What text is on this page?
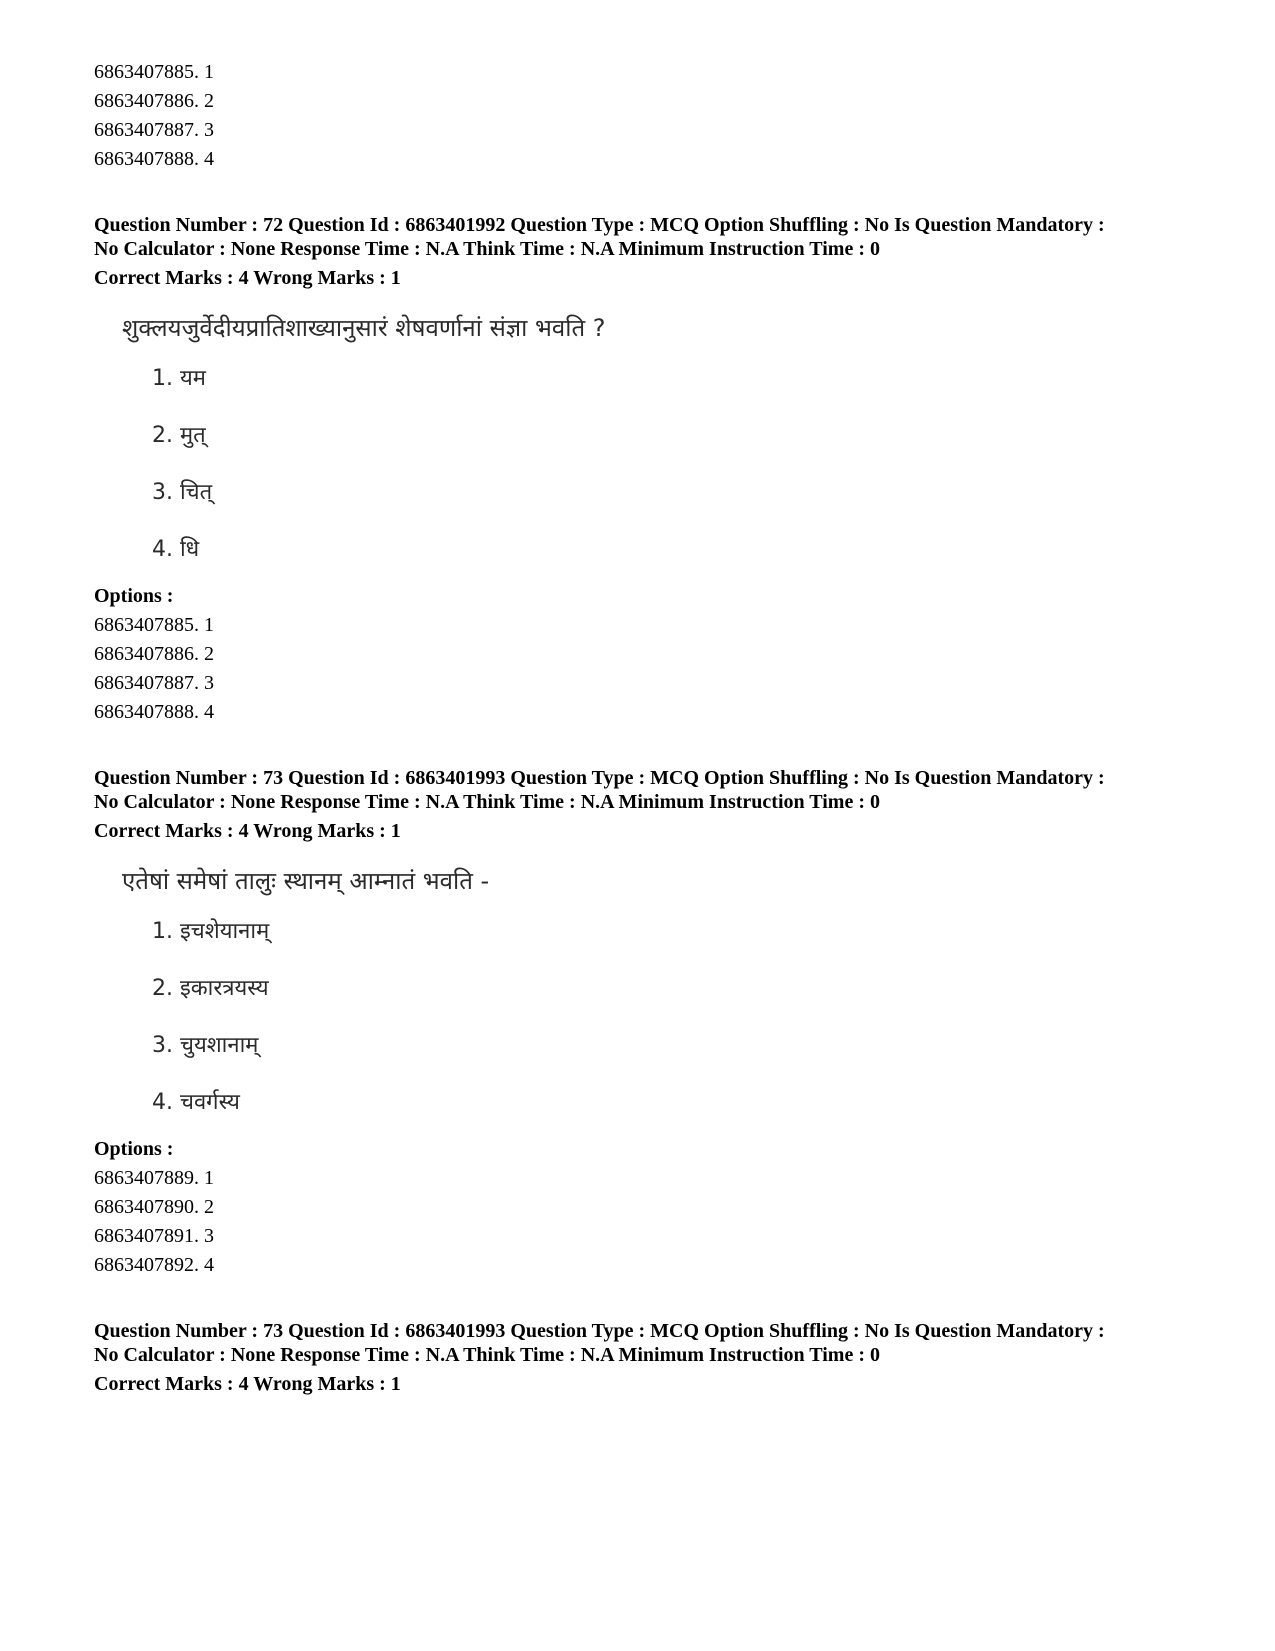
6863407885. 1
6863407886. 2
6863407887. 3
6863407888. 4
Question Number : 72 Question Id : 6863401992 Question Type : MCQ Option Shuffling : No Is Question Mandatory :
No Calculator : None Response Time : N.A Think Time : N.A Minimum Instruction Time : 0
Correct Marks : 4 Wrong Marks : 1
शुक्लयजुर्वेदीयप्रातिशाख्यानुसारं शेषवर्णानां संज्ञा भवति ?
1. यम
2. मुत्
3. चित्
4. धि
Options :
6863407885. 1
6863407886. 2
6863407887. 3
6863407888. 4
Question Number : 73 Question Id : 6863401993 Question Type : MCQ Option Shuffling : No Is Question Mandatory :
No Calculator : None Response Time : N.A Think Time : N.A Minimum Instruction Time : 0
Correct Marks : 4 Wrong Marks : 1
एतेषां समेषां तालुः स्थानम् आम्नातं भवति -
1. इचशेयानाम्
2. इकारत्रयस्य
3. चुयशानाम्
4. चवर्गस्य
Options :
6863407889. 1
6863407890. 2
6863407891. 3
6863407892. 4
Question Number : 73 Question Id : 6863401993 Question Type : MCQ Option Shuffling : No Is Question Mandatory :
No Calculator : None Response Time : N.A Think Time : N.A Minimum Instruction Time : 0
Correct Marks : 4 Wrong Marks : 1
